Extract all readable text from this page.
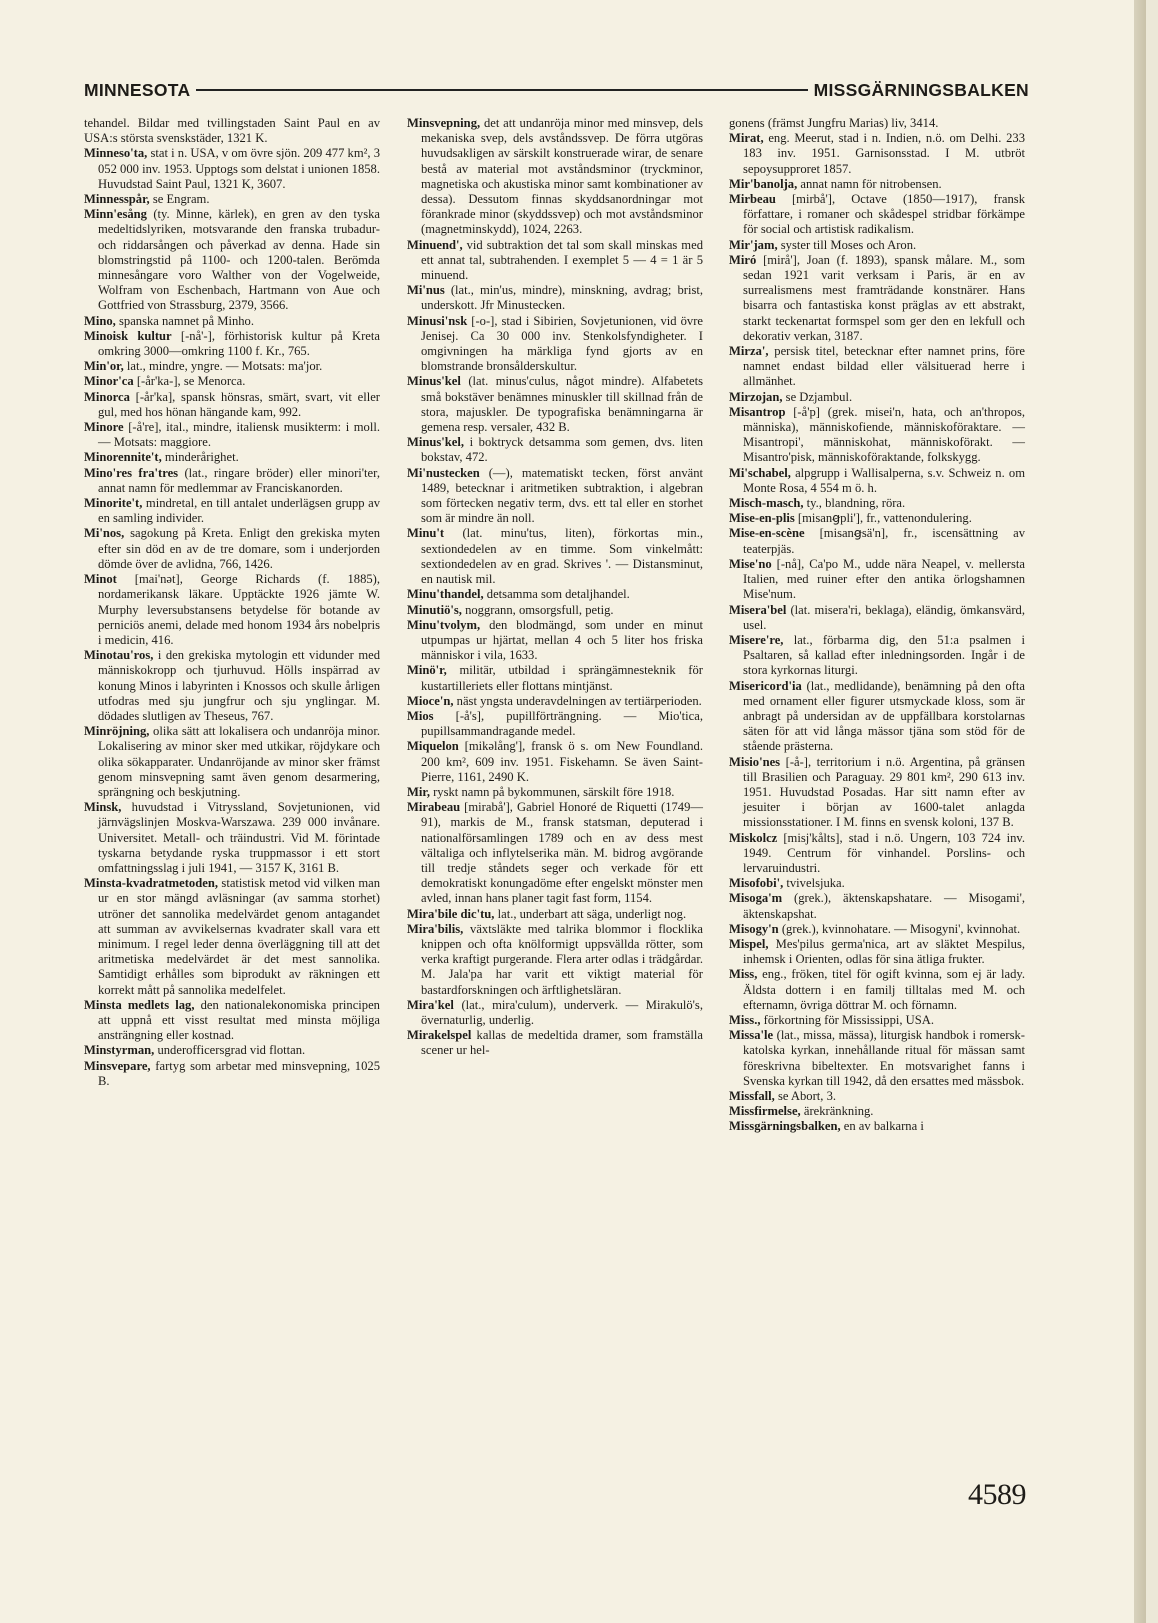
MINNESOTA	MISSGÄRNINGSBALKEN

tehandel. Bildar med tvillingstaden Saint Paul en av USA:s största svenskstäder, 1321 K.

Minneso'ta, stat i n. USA, v om övre sjön. 209 477 km², 3 052 000 inv. 1953. Upptogs som delstat i unionen 1858. Huvudstad Saint Paul, 1321 K, 3607.

Minnesspår, se Engram.

Minn'esång (ty. Minne, kärlek), en gren av den tyska medeltidslyriken, motsvarande den franska trubadur- och riddarsången och påverkad av denna. Hade sin blomstringstid på 1100- och 1200-talen. Berömda minnesångare voro Walther von der Vogelweide, Wolfram von Eschenbach, Hartmann von Aue och Gottfried von Strassburg, 2379, 3566.

Mino, spanska namnet på Minho.

Minoisk kultur [-nå'-], förhistorisk kultur på Kreta omkring 3000—omkring 1100 f. Kr., 765.

Min'or, lat., mindre, yngre. — Motsats: ma'jor.

Minor'ca [-år'ka-], se Menorca.

Minorca [-år'ka], spansk hönsras, smärt, svart, vit eller gul, med hos hönan hängande kam, 992.

Minore [-å're], ital., mindre, italiensk musikterm: i moll. — Motsats: maggiore.

Minorennite't, minderårighet.

Mino'res fra'tres (lat., ringare bröder) eller minori'ter, annat namn för medlemmar av Franciskanorden.

Minorite't, mindretal, en till antalet underlägsen grupp av en samling individer.

Mi'nos, sagokung på Kreta. Enligt den grekiska myten efter sin död en av de tre domare, som i underjorden dömde över de avlidna, 766, 1426.

Minot [mai'nət], George Richards (f. 1885), nordamerikansk läkare. Upptäckte 1926 jämte W. Murphy leversubstansens betydelse för botande av perniciös anemi, delade med honom 1934 års nobelpris i medicin, 416.

Minotau'ros, i den grekiska mytologin ett vidunder med människokropp och tjurhuvud. Hölls inspärrad av konung Minos i labyrinten i Knossos och skulle årligen utfodras med sju jungfrur och sju ynglingar. M. dödades slutligen av Theseus, 767.

Minröjning, olika sätt att lokalisera och undanröja minor. Lokalisering av minor sker med utkikar, röjdykare och olika sökapparater. Undanröjande av minor sker främst genom minsvepning samt även genom desarmering, sprängning och beskjutning.

Minsk, huvudstad i Vitryssland, Sovjetunionen, vid järnvägslinjen Moskva-Warszawa. 239 000 invånare. Universitet. Metall- och träindustri. Vid M. förintade tyskarna betydande ryska truppmassor i ett stort omfattningsslag i juli 1941, — 3157 K, 3161 B.

Minsta-kvadratmetoden, statistisk metod vid vilken man ur en stor mängd avläsningar (av samma storhet) utröner det sannolika medelvärdet genom antagandet att summan av avvikelsernas kvadrater skall vara ett minimum. I regel leder denna överläggning till att det aritmetiska medelvärdet är det mest sannolika. Samtidigt erhålles som biprodukt av räkningen ett korrekt mått på sannolika medelfelet.

Minsta medlets lag, den nationalekonomiska principen att uppnå ett visst resultat med minsta möjliga ansträngning eller kostnad.

Minstyrman, underofficersgrad vid flottan.

Minsvepare, fartyg som arbetar med minsvepning, 1025 B.

Minsvepning, det att undanröja minor med minsvep, dels mekaniska svep, dels avståndssvep. De förra utgöras huvudsakligen av särskilt konstruerade wirar, de senare bestå av material mot avståndsminor (tryckminor, magnetiska och akustiska minor samt kombinationer av dessa). Dessutom finnas skyddsanordningar mot förankrade minor (skyddssvep) och mot avståndsminor (magnetminskydd), 1024, 2263.

Minuend', vid subtraktion det tal som skall minskas med ett annat tal, subtrahenden. I exemplet 5 — 4 = 1 är 5 minuend.

Mi'nus (lat., min'us, mindre), minskning, avdrag; brist, underskott. Jfr Minustecken.

Minusi'nsk [-o-], stad i Sibirien, Sovjetunionen, vid övre Jenisej. Ca 30 000 inv. Stenkolsfyndigheter. I omgivningen ha märkliga fynd gjorts av en blomstrande bronsålderskultur.

Minus'kel (lat. minus'culus, något mindre). Alfabetets små bokstäver benämnes minuskler till skillnad från de stora, majuskler. De typografiska benämningarna är gemena resp. versaler, 432 B.

Minus'kel, i boktryck detsamma som gemen, dvs. liten bokstav, 472.

Mi'nustecken (—), matematiskt tecken, först använt 1489, betecknar i aritmetiken subtraktion, i algebran som förtecken negativ term, dvs. ett tal eller en storhet som är mindre än noll.

Minu't (lat. minu'tus, liten), förkortas min., sextiondedelen av en timme. Som vinkelmått: sextiondedelen av en grad. Skrives '. — Distansminut, en nautisk mil.

Minu'thandel, detsamma som detaljhandel.

Minutiö's, noggrann, omsorgsfull, petig.

Minu'tvolym, den blodmängd, som under en minut utpumpas ur hjärtat, mellan 4 och 5 liter hos friska människor i vila, 1633.

Minö'r, militär, utbildad i sprängämnesteknik för kustartilleriets eller flottans mintjänst.

Mioce'n, näst yngsta underavdelningen av tertiärperioden.

Mios [-å's], pupillförträngning. — Mio'tica, pupillsammandragande medel.

Miquelon [mikəlång'], fransk ö s. om New Foundland. 200 km², 609 inv. 1951. Fiskehamn. Se även Saint-Pierre, 1161, 2490 K.

Mir, ryskt namn på bykommunen, särskilt före 1918.

Mirabeau [mirabå'], Gabriel Honoré de Riquetti (1749—91), markis de M., fransk statsman, deputerad i nationalförsamlingen 1789 och en av dess mest vältaliga och inflytelserika män. M. bidrog avgörande till tredje ståndets seger och verkade för ett demokratiskt konungadöme efter engelskt mönster men avled, innan hans planer tagit fast form, 1154.

Mira'bile dic'tu, lat., underbart att säga, underligt nog.

Mira'bilis, växtsläkte med talrika blommor i flocklika knippen och ofta knölformigt uppsvällda rötter, som verka kraftigt purgerande. Flera arter odlas i trädgårdar. M. Jala'pa har varit ett viktigt material för bastardforskningen och ärftlighetsläran.

Mira'kel (lat., mira'culum), underverk. — Mirakulö's, övernaturlig, underlig.

Mirakelspel kallas de medeltida dramer, som framställa scener ur hel-

gonens (främst Jungfru Marias) liv, 3414.

Mirat, eng. Meerut, stad i n. Indien, n.ö. om Delhi. 233 183 inv. 1951. Garnisonsstad. I M. utbröt sepoysupproret 1857.

Mir'banolja, annat namn för nitrobensen.

Mirbeau [mirbå'], Octave (1850—1917), fransk författare, i romaner och skådespel stridbar förkämpe för social och artistisk radikalism.

Mir'jam, syster till Moses och Aron.

Miró [mirå'], Joan (f. 1893), spansk målare. M., som sedan 1921 varit verksam i Paris, är en av surrealismens mest framträdande konstnärer. Hans bisarra och fantastiska konst präglas av ett abstrakt, starkt teckenartat formspel som ger den en lekfull och dekorativ verkan, 3187.

Mirza', persisk titel, betecknar efter namnet prins, före namnet endast bildad eller välsituerad herre i allmänhet.

Mirzojan, se Dzjambul.

Misantrop [-å'p] (grek. misei'n, hata, och an'thropos, människa), människofiende, människoföraktare. — Misantropi', människohat, människoförakt. — Misantro'pisk, människoföraktande, folkskygg.

Mi'schabel, alpgrupp i Wallisalperna, s.v. Schweiz n. om Monte Rosa, 4 554 m ö. h.

Misch-masch, ty., blandning, röra.

Mise-en-plis [misanꞡpli'], fr., vattenondulering.

Mise-en-scène [misanꞡsä'n], fr., iscensättning av teaterpjäs.

Mise'no [-nå], Ca'po M., udde nära Neapel, v. mellersta Italien, med ruiner efter den antika örlogshamnen Mise'num.

Misera'bel (lat. misera'ri, beklaga), eländig, ömkansvärd, usel.

Misere're, lat., förbarma dig, den 51:a psalmen i Psaltaren, så kallad efter inledningsorden. Ingår i de stora kyrkornas liturgi.

Misericord'ia (lat., medlidande), benämning på den ofta med ornament eller figurer utsmyckade kloss, som är anbragt på undersidan av de uppfällbara korstolarnas säten för att vid långa mässor tjäna som stöd för de stående prästerna.

Misio'nes [-å-], territorium i n.ö. Argentina, på gränsen till Brasilien och Paraguay. 29 801 km², 290 613 inv. 1951. Huvudstad Posadas. Har sitt namn efter av jesuiter i början av 1600-talet anlagda missionsstationer. I M. finns en svensk koloni, 137 B.

Miskolcz [misj'kålts], stad i n.ö. Ungern, 103 724 inv. 1949. Centrum för vinhandel. Porslins- och lervaruindustri.

Misofobi', tvivelsjuka.

Misoga'm (grek.), äktenskapshatare. — Misogami', äktenskapshat.

Misogy'n (grek.), kvinnohatare. — Misogyni', kvinnohat.

Mispel, Mes'pilus germa'nica, art av släktet Mespilus, inhemsk i Orienten, odlas för sina ätliga frukter.

Miss, eng., fröken, titel för ogift kvinna, som ej är lady. Äldsta dottern i en familj tilltalas med M. och efternamn, övriga döttrar M. och förnamn.

Miss., förkortning för Mississippi, USA.

Missa'le (lat., missa, mässa), liturgisk handbok i romersk-katolska kyrkan, innehållande ritual för mässan samt föreskrivna bibeltexter. En motsvarighet fanns i Svenska kyrkan till 1942, då den ersattes med mässbok.

Missfall, se Abort, 3.

Missfirmelse, ärekränkning.

Missgärningsbalken, en av balkarna i

4589
